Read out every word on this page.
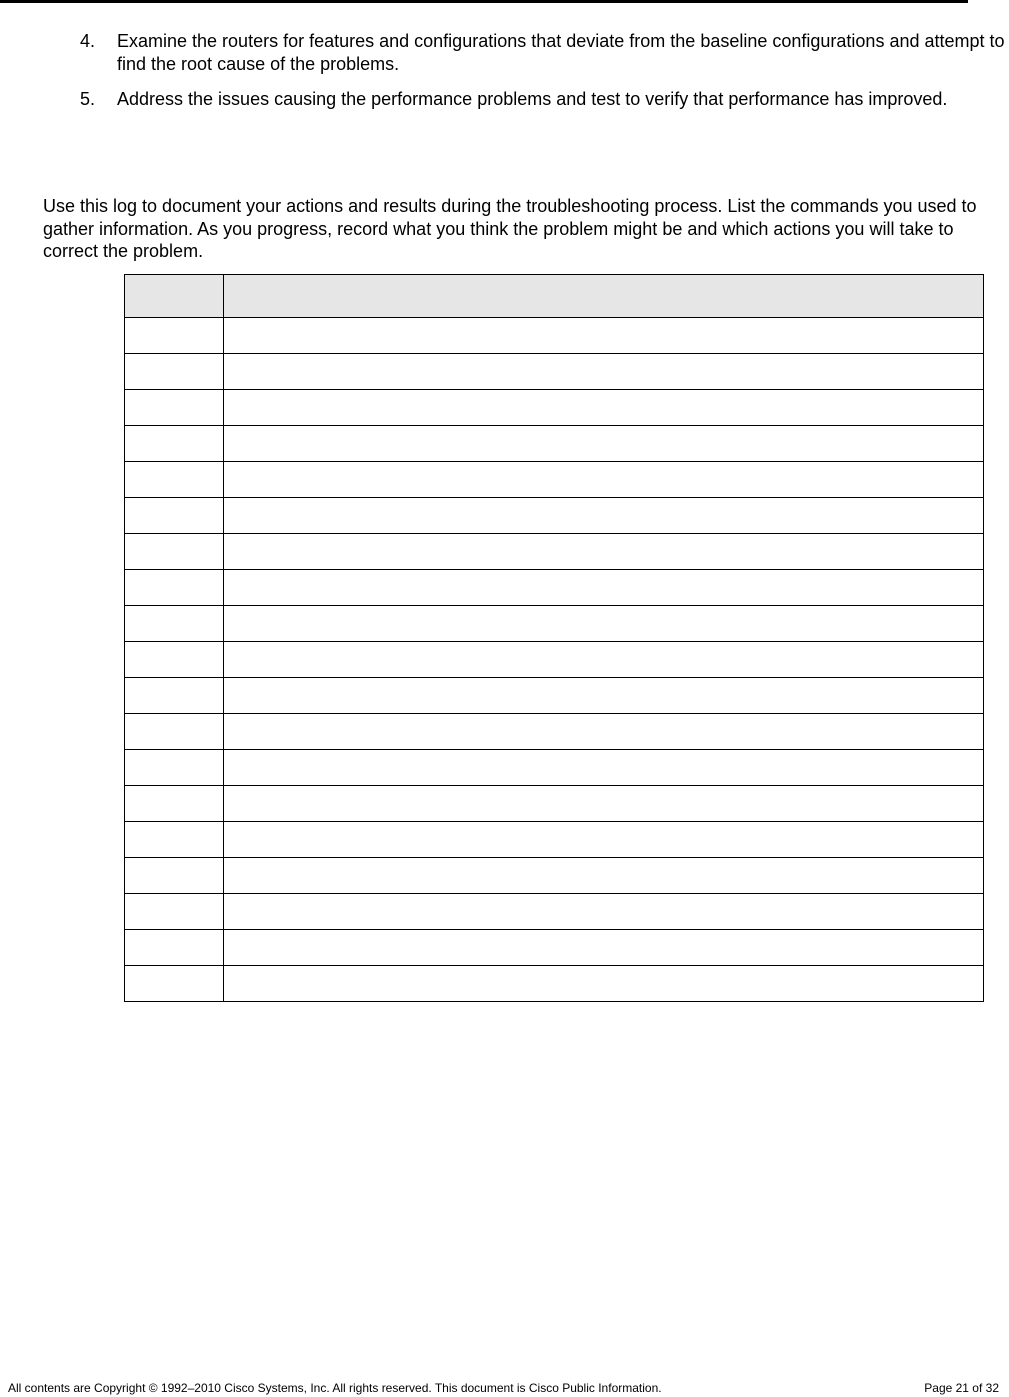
4. Examine the routers for features and configurations that deviate from the baseline configurations and attempt to find the root cause of the problems.
5. Address the issues causing the performance problems and test to verify that performance has improved.

Use this log to document your actions and results during the troubleshooting process. List the commands you used to gather information. As you progress, record what you think the problem might be and which actions you will take to correct the problem.

All contents are Copyright © 1992–2010 Cisco Systems, Inc. All rights reserved. This document is Cisco Public Information.	Page 21 of 32
